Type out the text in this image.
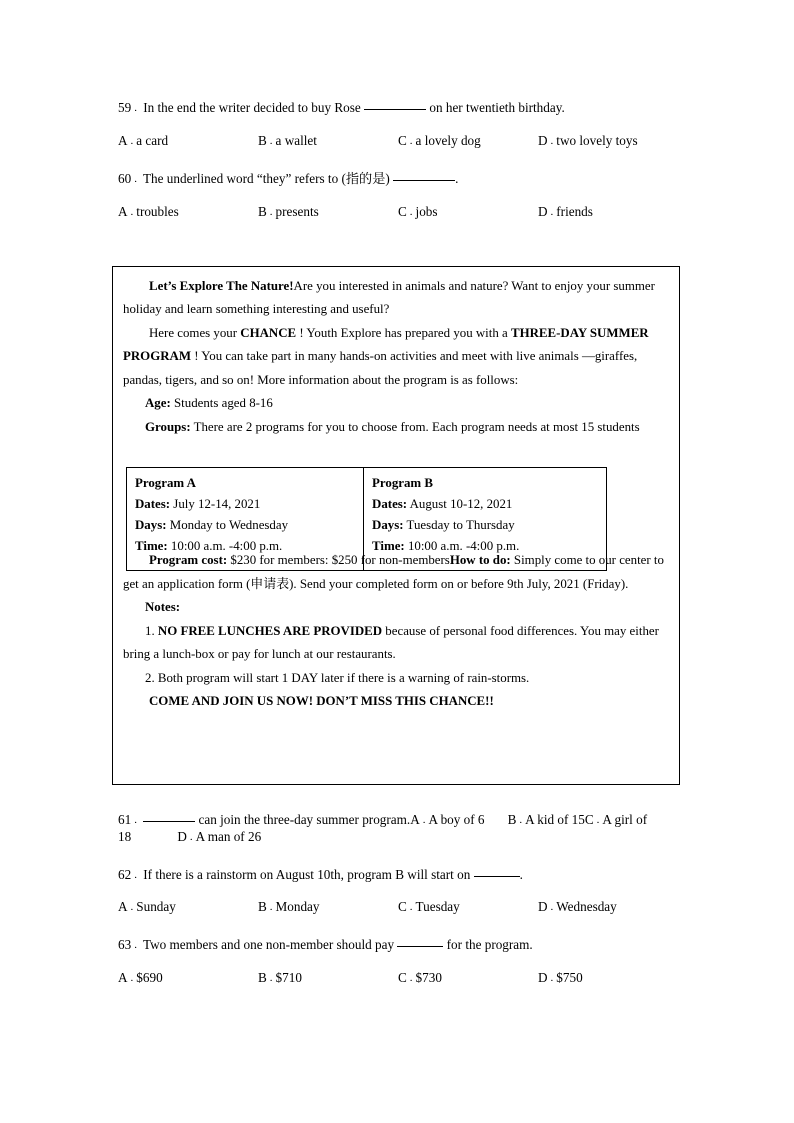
59 . In the end the writer decided to buy Rose	on her twentieth birthday.
A . a card	B . a wallet	C . a lovely dog	D . two lovely toys
60 . The underlined word “they” refers to (指的是)	.
A . troubles	B . presents	C . jobs	D . friends

Let’s Explore The Nature!Are you interested in animals and nature? Want to enjoy your summer holiday and learn something interesting and useful?

Here comes your CHANCE ! Youth Explore has prepared you with a THREE-DAY SUMMER PROGRAM ! You can take part in many hands-on activities and meet with live animals —giraffes, pandas, tigers, and so on! More information about the program is as follows:

Age: Students aged 8-16

Groups: There are 2 programs for you to choose from. Each program needs at most 15 students

Program cost: $230 for members: $250 for non-membersHow to do: Simply come to our center to get an application form (申请表). Send your completed form on or before 9th July, 2021 (Friday).

Notes:

1. NO FREE LUNCHES ARE PROVIDED because of personal food differences. You may either bring a lunch-box or pay for lunch at our restaurants.

2. Both program will start 1 DAY later if there is a warning of rain-storms.

COME AND JOIN US NOW! DON’T MISS THIS CHANCE!!

Program A
Dates: July 12-14, 2021
Days: Monday to Wednesday
Time: 10:00 a.m. -4:00 p.m.
Program B
Dates: August 10-12, 2021
Days: Tuesday to Thursday
Time: 10:00 a.m. -4:00 p.m.
61 .	can join the three-day summer program.A . A boy of 6 B . A kid of 15C . A girl of 18	D . A man of 26
62 . If there is a rainstorm on August 10th, program B will start on	.
A . Sunday	B . Monday	C . Tuesday	D . Wednesday
63 . Two members and one non-member should pay	for the program.
A . $690	B . $710	C . $730	D . $750
